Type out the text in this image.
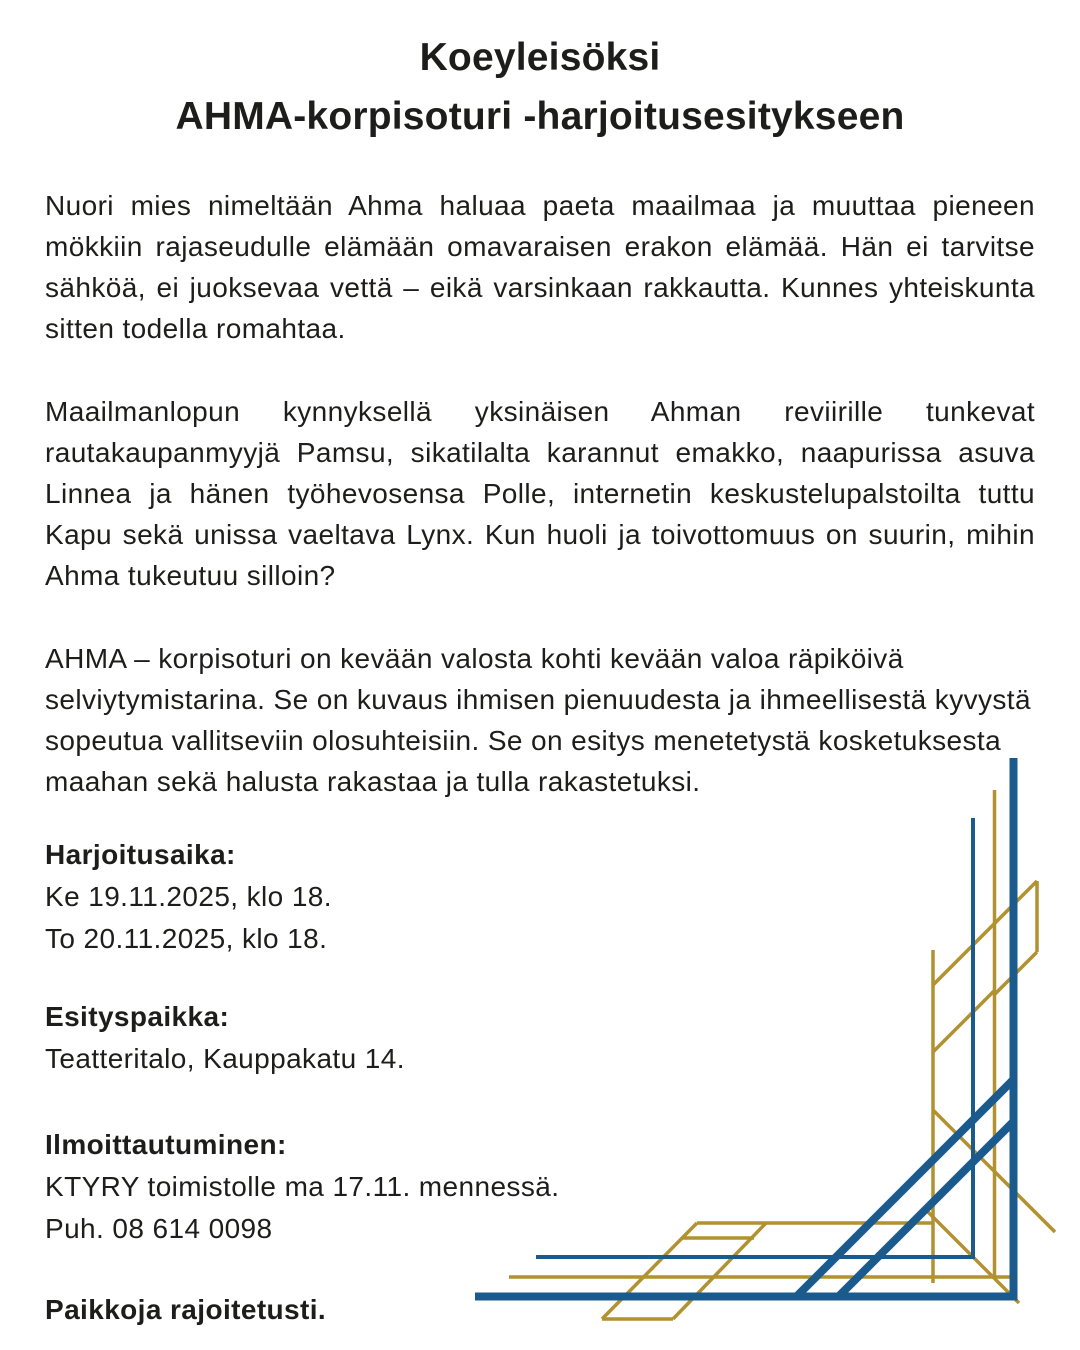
Koeyleisöksi
AHMA-korpisoturi -harjoitusesitykseen

Nuori mies nimeltään Ahma haluaa paeta maailmaa ja muuttaa pieneen mökkiin rajaseudulle elämään omavaraisen erakon elämää. Hän ei tarvitse sähköä, ei juoksevaa vettä – eikä varsinkaan rakkautta. Kunnes yhteiskunta sitten todella romahtaa.

Maailmanlopun kynnyksellä yksinäisen Ahman reviirille tunkevat rautakaupanmyyjä Pamsu, sikatilalta karannut emakko, naapurissa asuva Linnea ja hänen työhevosensa Polle, internetin keskustelupalstoilta tuttu Kapu sekä unissa vaeltava Lynx. Kun huoli ja toivottomuus on suurin, mihin Ahma tukeutuu silloin?

AHMA – korpisoturi on kevään valosta kohti kevään valoa räpiköivä selviytymistarina. Se on kuvaus ihmisen pienuudesta ja ihmeellisestä kyvystä sopeutua vallitseviin olosuhteisiin. Se on esitys menetetystä kosketuksesta maahan sekä halusta rakastaa ja tulla rakastetuksi.

Harjoitusaika:
Ke 19.11.2025, klo 18.
To 20.11.2025, klo 18.
Esityspaikka:
Teatteritalo, Kauppakatu 14.
Ilmoittautuminen:
KTYRY toimistolle ma 17.11. mennessä.
Puh. 08 614 0098
Paikkoja rajoitetusti.
